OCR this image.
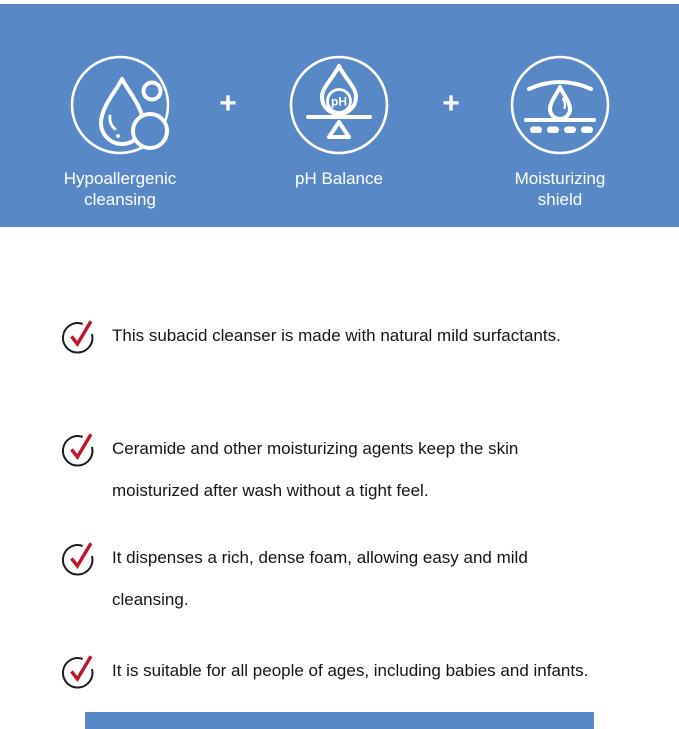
Hypoallergenic
cleansing
+	pH
pH Balance
+
Moisturizing
shield
This subacid cleanser is made with natural mild surfactants.
Ceramide and other moisturizing agents keep the skin
moisturized after wash without a tight feel.
It dispenses a rich, dense foam, allowing easy and mild
cleansing.
It is suitable for all people of ages, including babies and infants.
